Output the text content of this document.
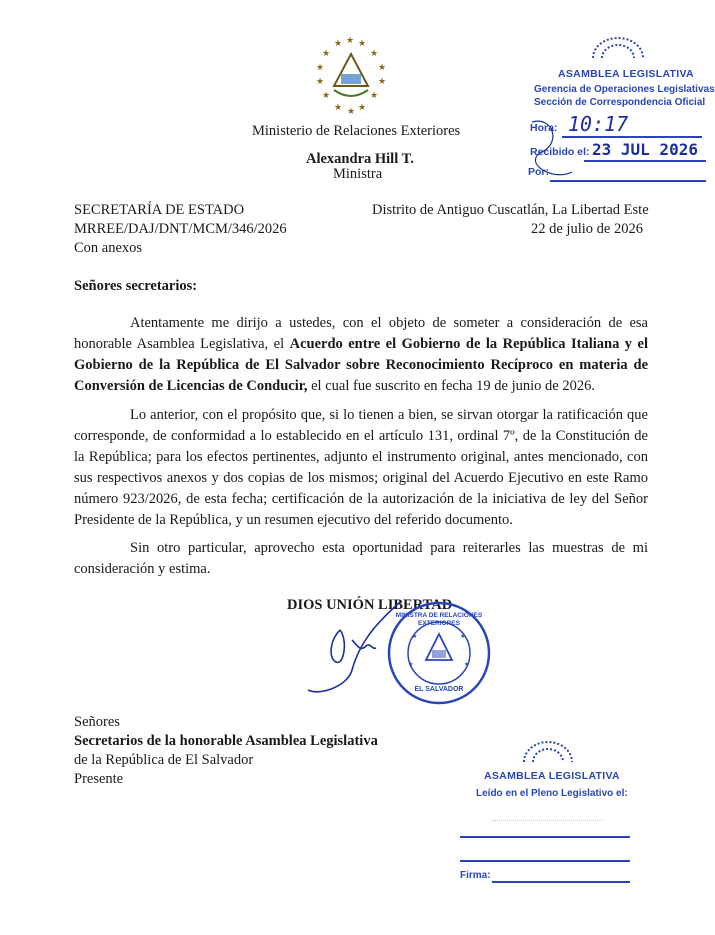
★ ★ ★
★	★
★	★
★	★
★	★
★ ★
★
Ministerio de Relaciones Exteriores
Alexandra Hill T.
Ministra
ASAMBLEA LEGISLATIVA
Gerencia de Operaciones Legislativas
Sección de Correspondencia Oficial
Hora: 10:17
Recibido el: 23 JUL 2026
Por:
SECRETARÍA DE ESTADO
MRREE/DAJ/DNT/MCM/346/2026
Con anexos
Distrito de Antiguo Cuscatlán, La Libertad Este
22 de julio de 2026
Señores secretarios:
Atentamente me dirijo a ustedes, con el objeto de someter a consideración de esa honorable Asamblea Legislativa, el Acuerdo entre el Gobierno de la República Italiana y el Gobierno de la República de El Salvador sobre Reconocimiento Recíproco en materia de Conversión de Licencias de Conducir, el cual fue suscrito en fecha 19 de junio de 2026.
Lo anterior, con el propósito que, si lo tienen a bien, se sirvan otorgar la ratificación que corresponde, de conformidad a lo establecido en el artículo 131, ordinal 7º, de la Constitución de la República; para los efectos pertinentes, adjunto el instrumento original, antes mencionado, con sus respectivos anexos y dos copias de los mismos; original del Acuerdo Ejecutivo en este Ramo número 923/2026, de esta fecha; certificación de la autorización de la iniciativa de ley del Señor Presidente de la República, y un resumen ejecutivo del referido documento.
Sin otro particular, aprovecho esta oportunidad para reiterarles las muestras de mi consideración y estima.
DIOS UNIÓN LIBERTAD
★	★
★	★
MINISTRA DE RELACIONES EXTERIORES
EL SALVADOR
Señores
Secretarios de la honorable Asamblea Legislativa
de la República de El Salvador
Presente	ASAMBLEA LEGISLATIVA
Leído en el Pleno Legislativo el:
Firma:
